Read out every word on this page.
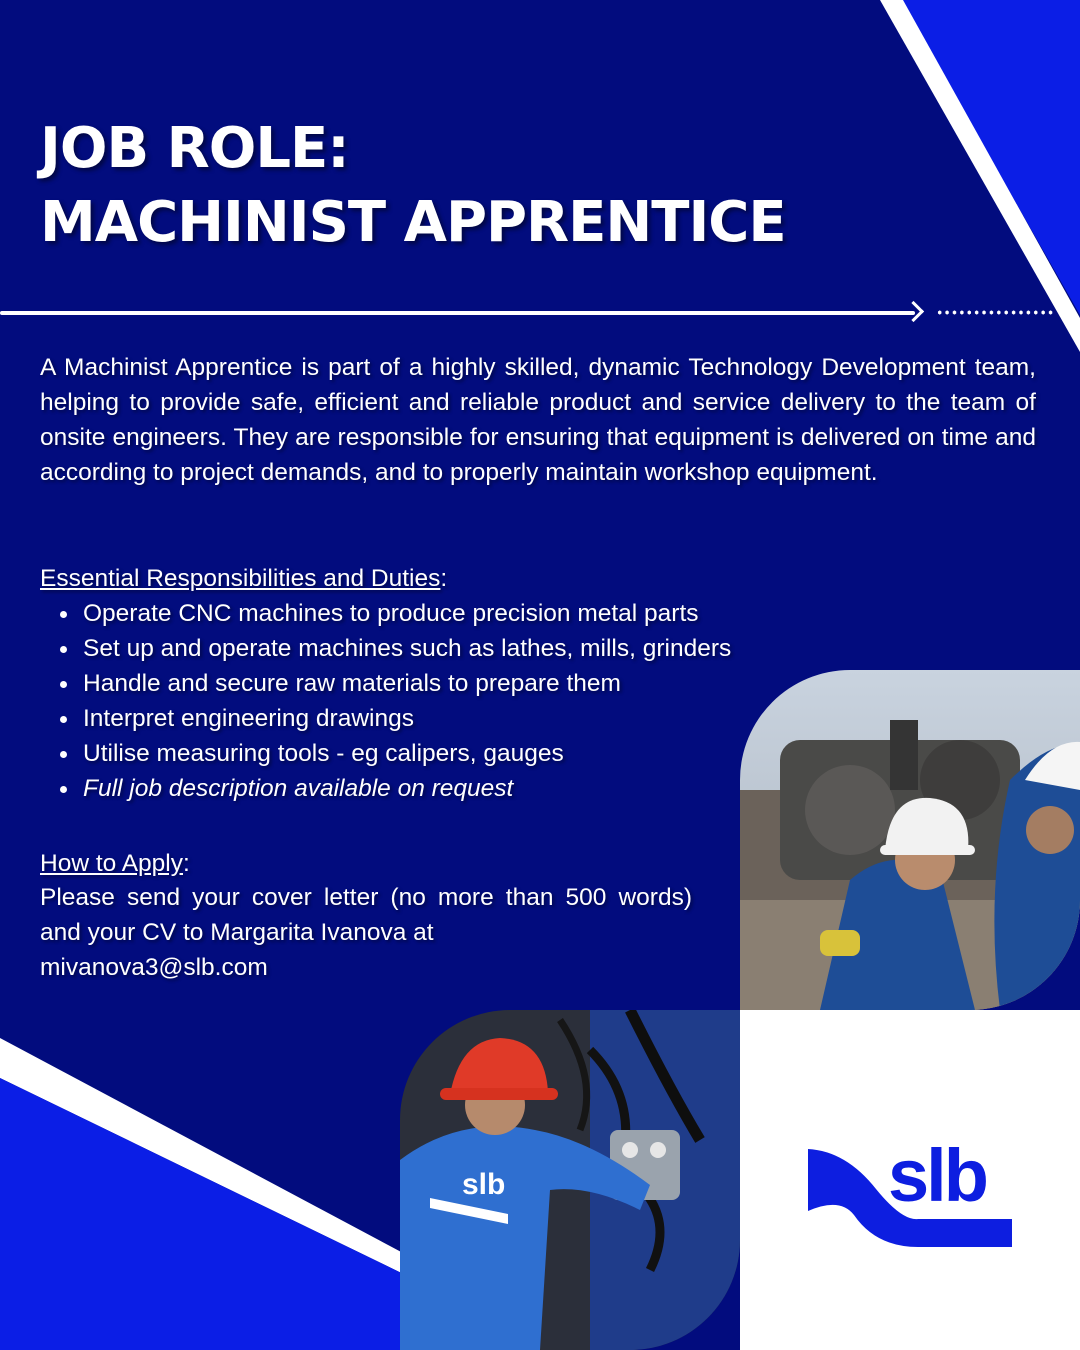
JOB ROLE:
MACHINIST APPRENTICE

A Machinist Apprentice is part of a highly skilled, dynamic Technology Development team, helping to provide safe, efficient and reliable product and service delivery to the team of onsite engineers. They are responsible for ensuring that equipment is delivered on time and according to project demands, and to properly maintain workshop equipment.

Essential Responsibilities and Duties:

Operate CNC machines to produce precision metal parts
Set up and operate machines such as lathes, mills, grinders
Handle and secure raw materials to prepare them
Interpret engineering drawings
Utilise measuring tools - eg calipers, gauges
Full job description available on request

How to Apply:

Please send your cover letter (no more than 500 words) and your CV to Margarita Ivanova at
mivanova3@slb.com

slb	slb
